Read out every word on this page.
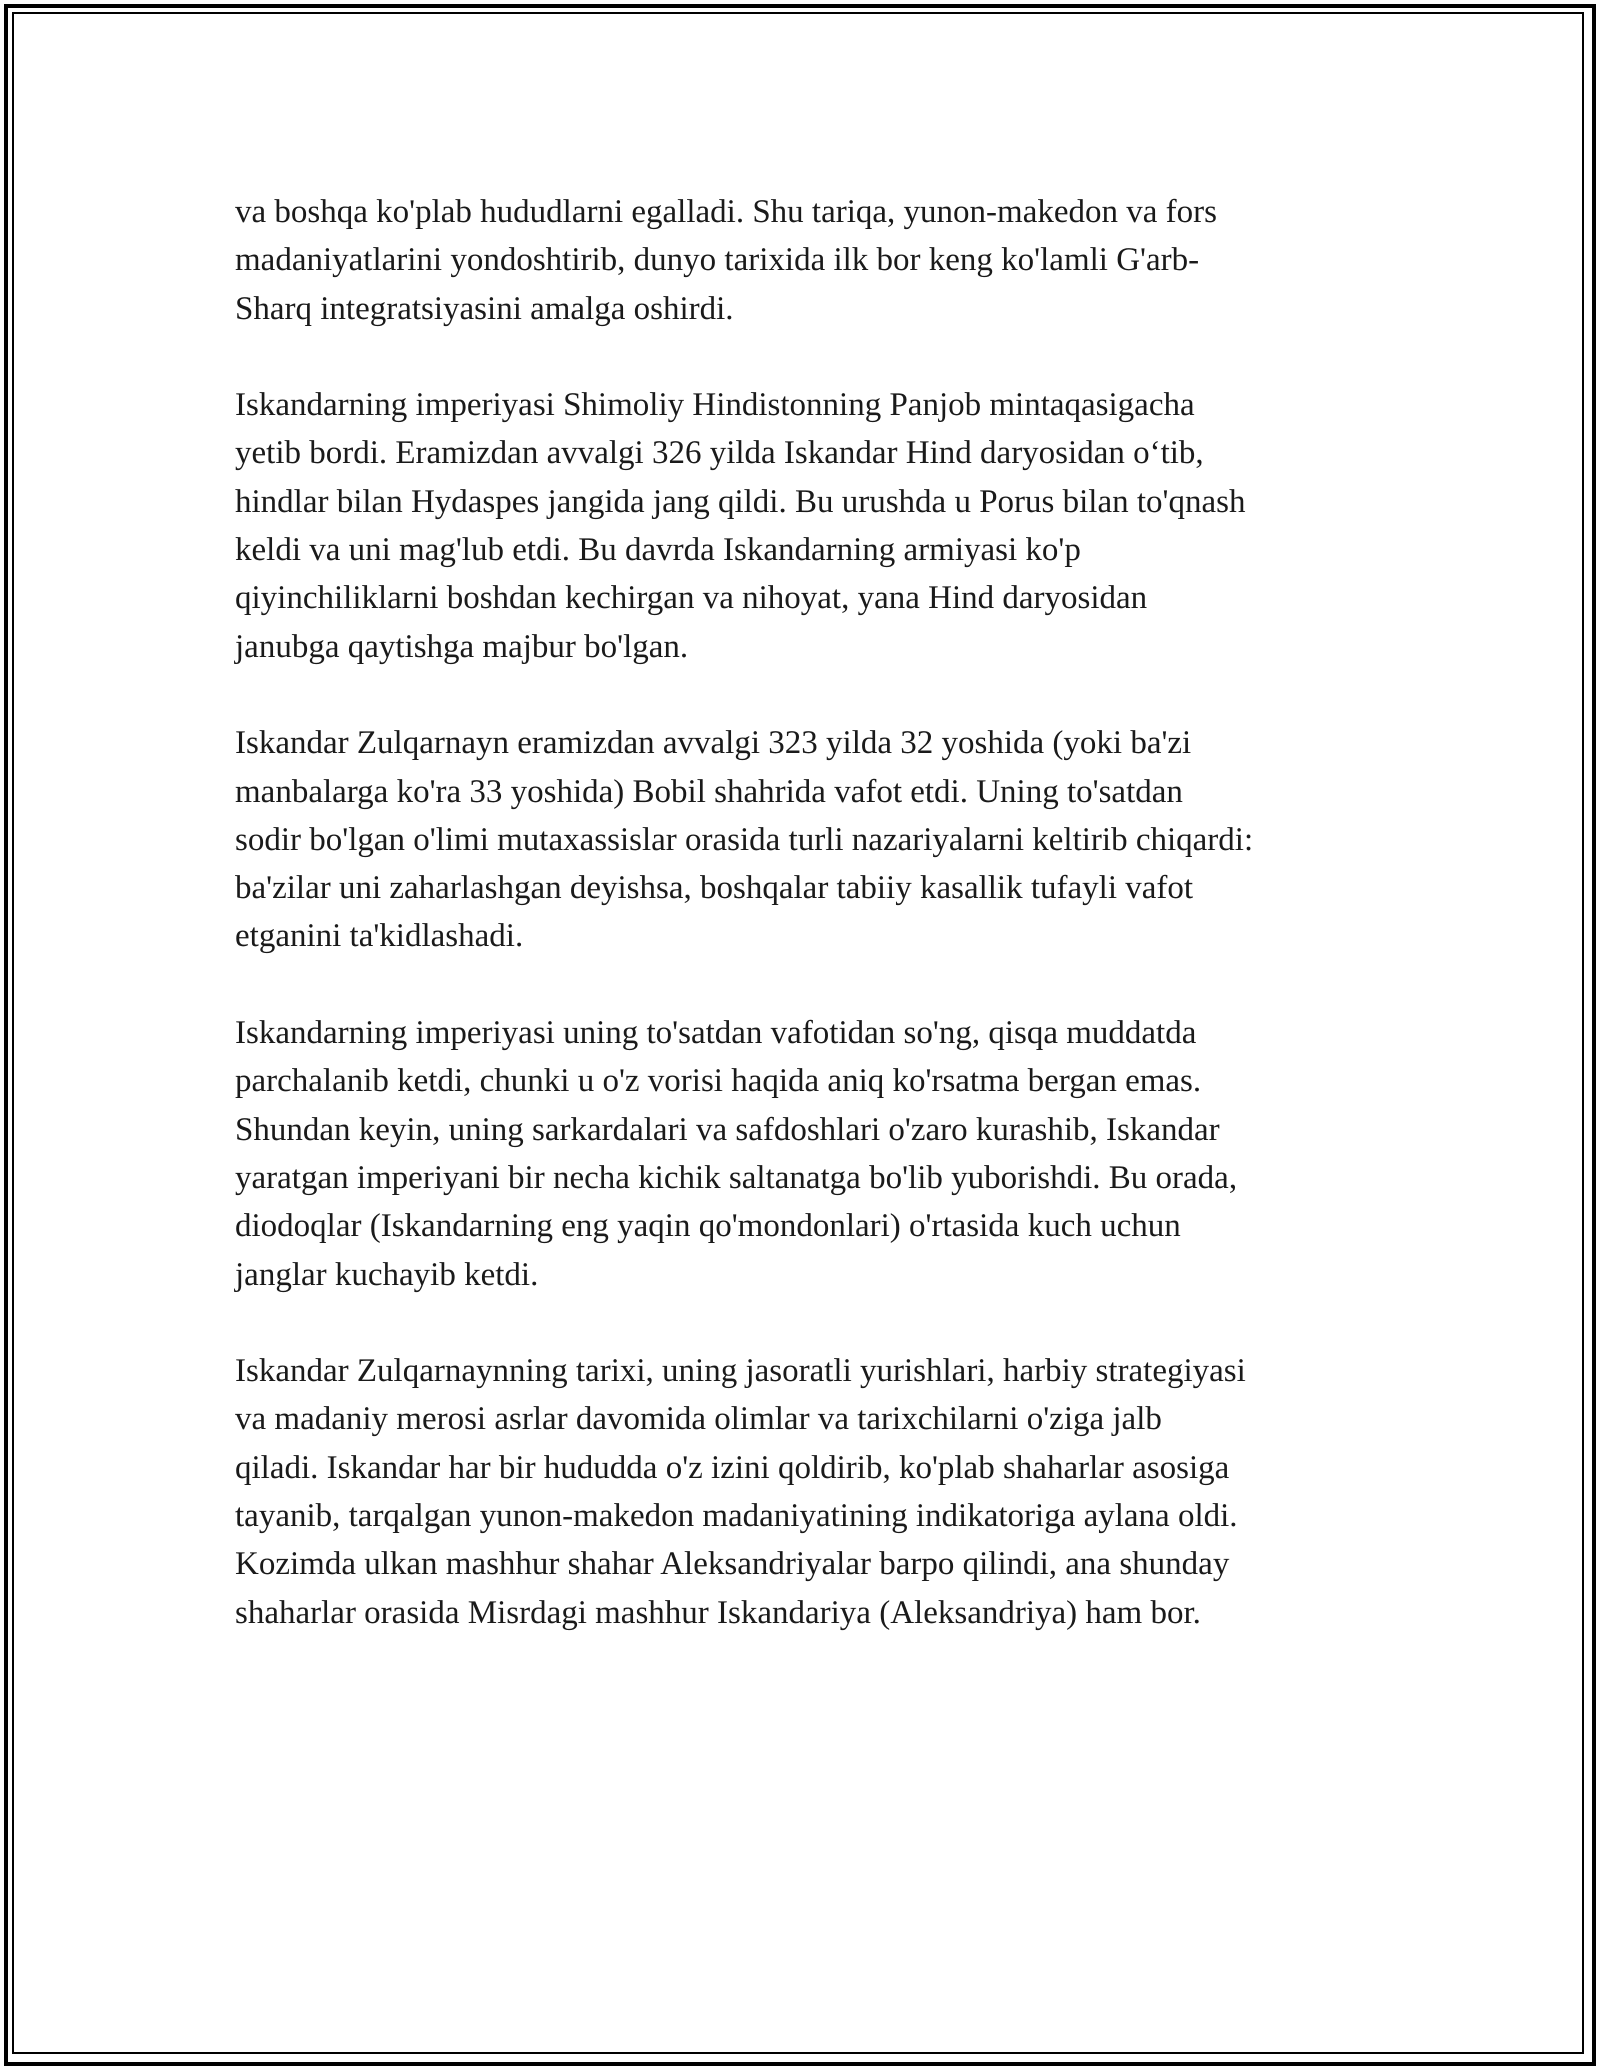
va boshqa ko'plab hududlarni egalladi. Shu tariqa, yunon-makedon va fors
madaniyatlarini yondoshtirib, dunyo tarixida ilk bor keng ko'lamli G'arb-
Sharq integratsiyasini amalga oshirdi.

Iskandarning imperiyasi Shimoliy Hindistonning Panjob mintaqasigacha
yetib bordi. Eramizdan avvalgi 326 yilda Iskandar Hind daryosidan o‘tib,
hindlar bilan Hydaspes jangida jang qildi. Bu urushda u Porus bilan to'qnash
keldi va uni mag'lub etdi. Bu davrda Iskandarning armiyasi ko'p
qiyinchiliklarni boshdan kechirgan va nihoyat, yana Hind daryosidan
janubga qaytishga majbur bo'lgan.

Iskandar Zulqarnayn eramizdan avvalgi 323 yilda 32 yoshida (yoki ba'zi
manbalarga ko'ra 33 yoshida) Bobil shahrida vafot etdi. Uning to'satdan
sodir bo'lgan o'limi mutaxassislar orasida turli nazariyalarni keltirib chiqardi:
ba'zilar uni zaharlashgan deyishsa, boshqalar tabiiy kasallik tufayli vafot
etganini ta'kidlashadi.

Iskandarning imperiyasi uning to'satdan vafotidan so'ng, qisqa muddatda
parchalanib ketdi, chunki u o'z vorisi haqida aniq ko'rsatma bergan emas.
Shundan keyin, uning sarkardalari va safdoshlari o'zaro kurashib, Iskandar
yaratgan imperiyani bir necha kichik saltanatga bo'lib yuborishdi. Bu orada,
diodoqlar (Iskandarning eng yaqin qo'mondonlari) o'rtasida kuch uchun
janglar kuchayib ketdi.

Iskandar Zulqarnaynning tarixi, uning jasoratli yurishlari, harbiy strategiyasi
va madaniy merosi asrlar davomida olimlar va tarixchilarni o'ziga jalb
qiladi. Iskandar har bir hududda o'z izini qoldirib, ko'plab shaharlar asosiga
tayanib, tarqalgan yunon-makedon madaniyatining indikatoriga aylana oldi.
Kozimda ulkan mashhur shahar Aleksandriyalar barpo qilindi, ana shunday
shaharlar orasida Misrdagi mashhur Iskandariya (Aleksandriya) ham bor.
